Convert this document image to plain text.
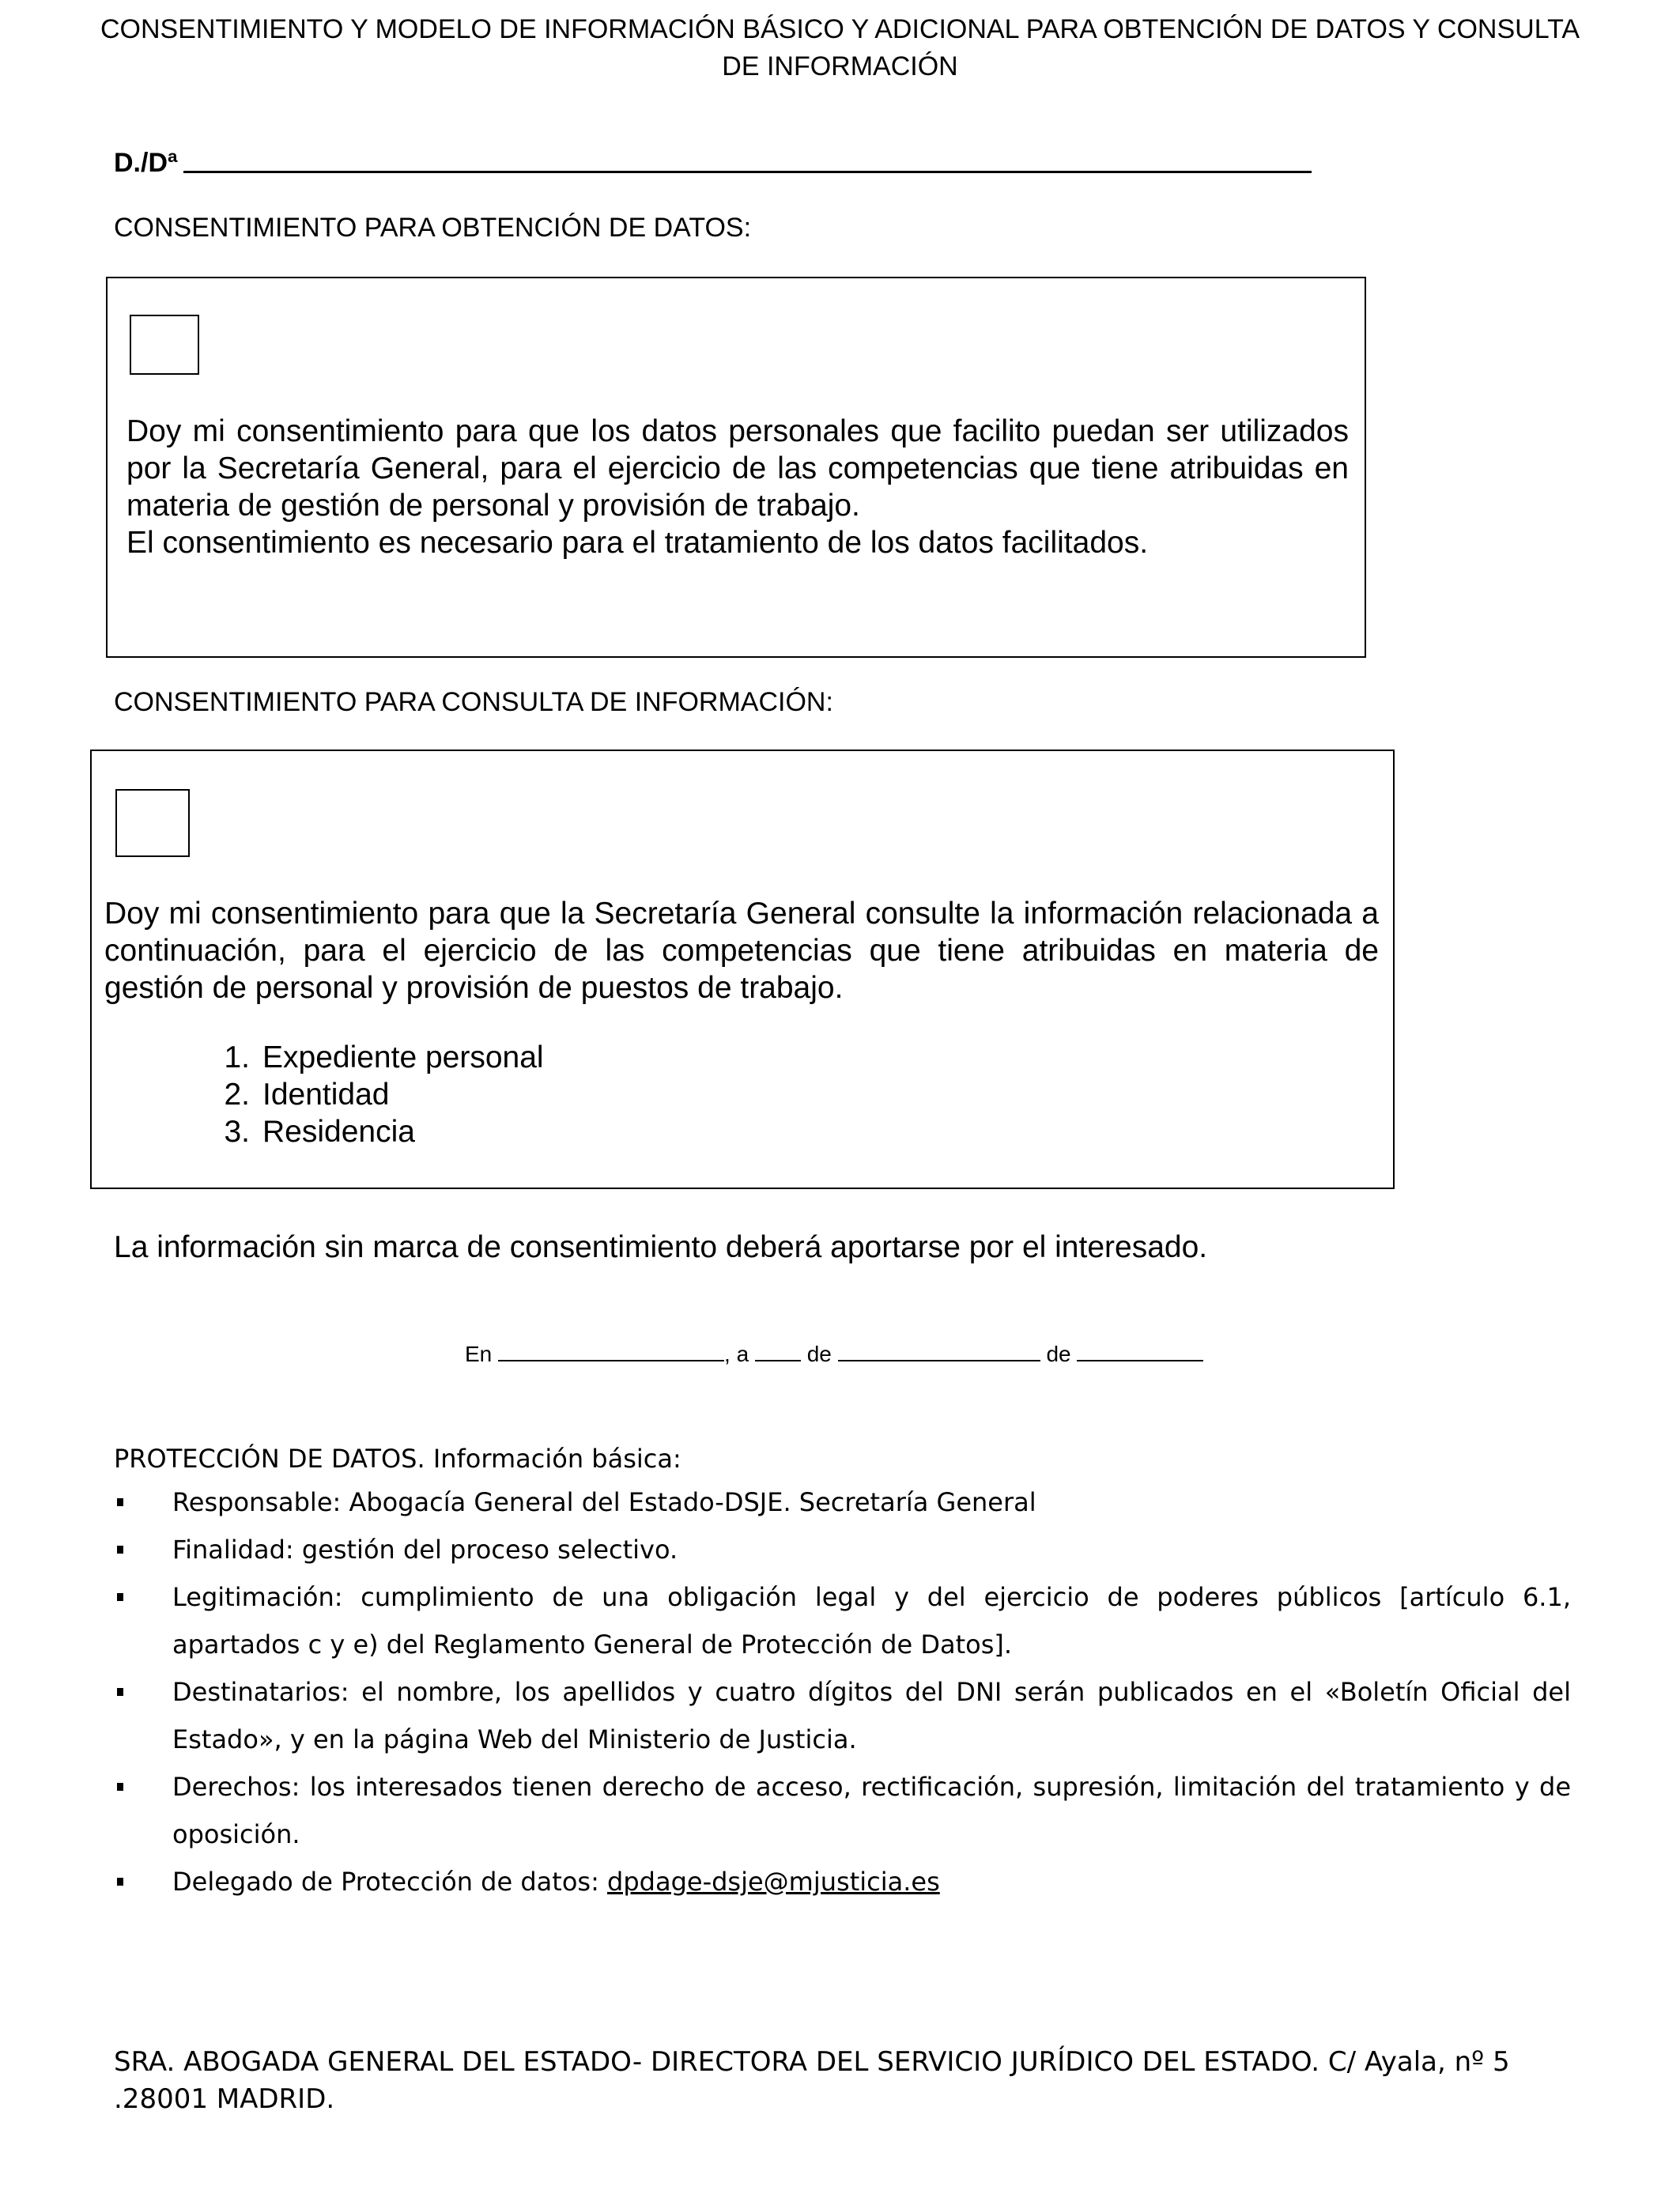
CONSENTIMIENTO Y MODELO DE INFORMACIÓN BÁSICO Y ADICIONAL PARA OBTENCIÓN DE DATOS Y CONSULTA DE INFORMACIÓN
D./Dª
CONSENTIMIENTO PARA OBTENCIÓN DE DATOS:
Doy mi consentimiento para que los datos personales que facilito puedan ser utilizados por la Secretaría General, para el ejercicio de las competencias que tiene atribuidas en materia de gestión de personal y provisión de trabajo.
El consentimiento es necesario para el tratamiento de los datos facilitados.
CONSENTIMIENTO PARA CONSULTA DE INFORMACIÓN:
Doy mi consentimiento para que la Secretaría General consulte la información relacionada a continuación, para el ejercicio de las competencias que tiene atribuidas en materia de gestión de personal y provisión de puestos de trabajo.
1. Expediente personal
2. Identidad
3. Residencia
La información sin marca de consentimiento deberá aportarse por el interesado.
En	, a	de	de
PROTECCIÓN DE DATOS. Información básica:
Responsable: Abogacía General del Estado-DSJE. Secretaría General
Finalidad: gestión del proceso selectivo.
Legitimación: cumplimiento de una obligación legal y del ejercicio de poderes públicos [artículo 6.1, apartados c y e) del Reglamento General de Protección de Datos].
Destinatarios: el nombre, los apellidos y cuatro dígitos del DNI serán publicados en el «Boletín Oficial del Estado», y en la página Web del Ministerio de Justicia.
Derechos: los interesados tienen derecho de acceso, rectificación, supresión, limitación del tratamiento y de oposición.
Delegado de Protección de datos: dpdage-dsje@mjusticia.es
SRA. ABOGADA GENERAL DEL ESTADO- DIRECTORA DEL SERVICIO JURÍDICO DEL ESTADO. C/ Ayala, nº 5 .28001 MADRID.
